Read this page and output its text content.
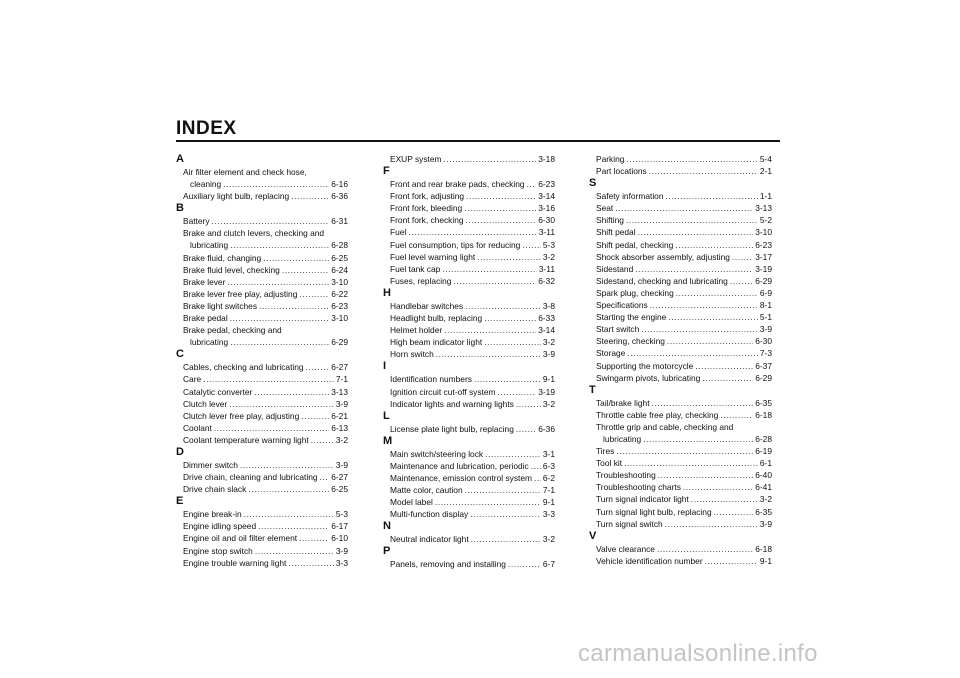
INDEX
A
Air filter element and check hose,
cleaning .....	6-16
Auxiliary light bulb, replacing .....	6-36
B
Battery .....	6-31
Brake and clutch levers, checking and
lubricating .....	6-28
Brake fluid, changing .....	6-25
Brake fluid level, checking .....	6-24
Brake lever .....	3-10
Brake lever free play, adjusting .....	6-22
Brake light switches .....	6-23
Brake pedal .....	3-10
Brake pedal, checking and
lubricating .....	6-29
C
Cables, checking and lubricating .....	6-27
Care .....	7-1
Catalytic converter .....	3-13
Clutch lever .....	3-9
Clutch lever free play, adjusting .....	6-21
Coolant .....	6-13
Coolant temperature warning light .....	3-2
D
Dimmer switch .....	3-9
Drive chain, cleaning and lubricating ..... 6-27
Drive chain slack .....	6-25
E
Engine break-in .....	5-3
Engine idling speed .....	6-17
Engine oil and oil filter element .....	6-10
Engine stop switch .....	3-9
Engine trouble warning light .....	3-3
EXUP system .....	3-18
F
Front and rear brake pads, checking ..... 6-23
Front fork, adjusting .....	3-14
Front fork, bleeding .....	3-16
Front fork, checking .....	6-30
Fuel .....	3-11
Fuel consumption, tips for reducing .....	5-3
Fuel level warning light .....	3-2
Fuel tank cap .....	3-11
Fuses, replacing .....	6-32
H
Handlebar switches .....	3-8
Headlight bulb, replacing .....	6-33
Helmet holder .....	3-14
High beam indicator light .....	3-2
Horn switch .....	3-9
I
Identification numbers .....	9-1
Ignition circuit cut-off system .....	3-19
Indicator lights and warning lights .....	3-2
L
License plate light bulb, replacing .....	6-36
M
Main switch/steering lock .....	3-1
Maintenance and lubrication, periodic ..... 6-3
Maintenance, emission control system ..... 6-2
Matte color, caution .....	7-1
Model label .....	9-1
Multi-function display .....	3-3
N
Neutral indicator light .....	3-2
P
Panels, removing and installing .....	6-7
Parking .....	5-4
Part locations .....	2-1
S
Safety information .....	1-1
Seat .....	3-13
Shifting .....	5-2
Shift pedal .....	3-10
Shift pedal, checking .....	6-23
Shock absorber assembly, adjusting .....	3-17
Sidestand .....	3-19
Sidestand, checking and lubricating .....	6-29
Spark plug, checking .....	6-9
Specifications .....	8-1
Starting the engine .....	5-1
Start switch .....	3-9
Steering, checking .....	6-30
Storage .....	7-3
Supporting the motorcycle .....	6-37
Swingarm pivots, lubricating .....	6-29
T
Tail/brake light .....	6-35
Throttle cable free play, checking .....	6-18
Throttle grip and cable, checking and
lubricating .....	6-28
Tires .....	6-19
Tool kit .....	6-1
Troubleshooting .....	6-40
Troubleshooting charts .....	6-41
Turn signal indicator light .....	3-2
Turn signal light bulb, replacing .....	6-35
Turn signal switch .....	3-9
V
Valve clearance .....	6-18
Vehicle identification number .....	9-1
carmanualsonline.info
